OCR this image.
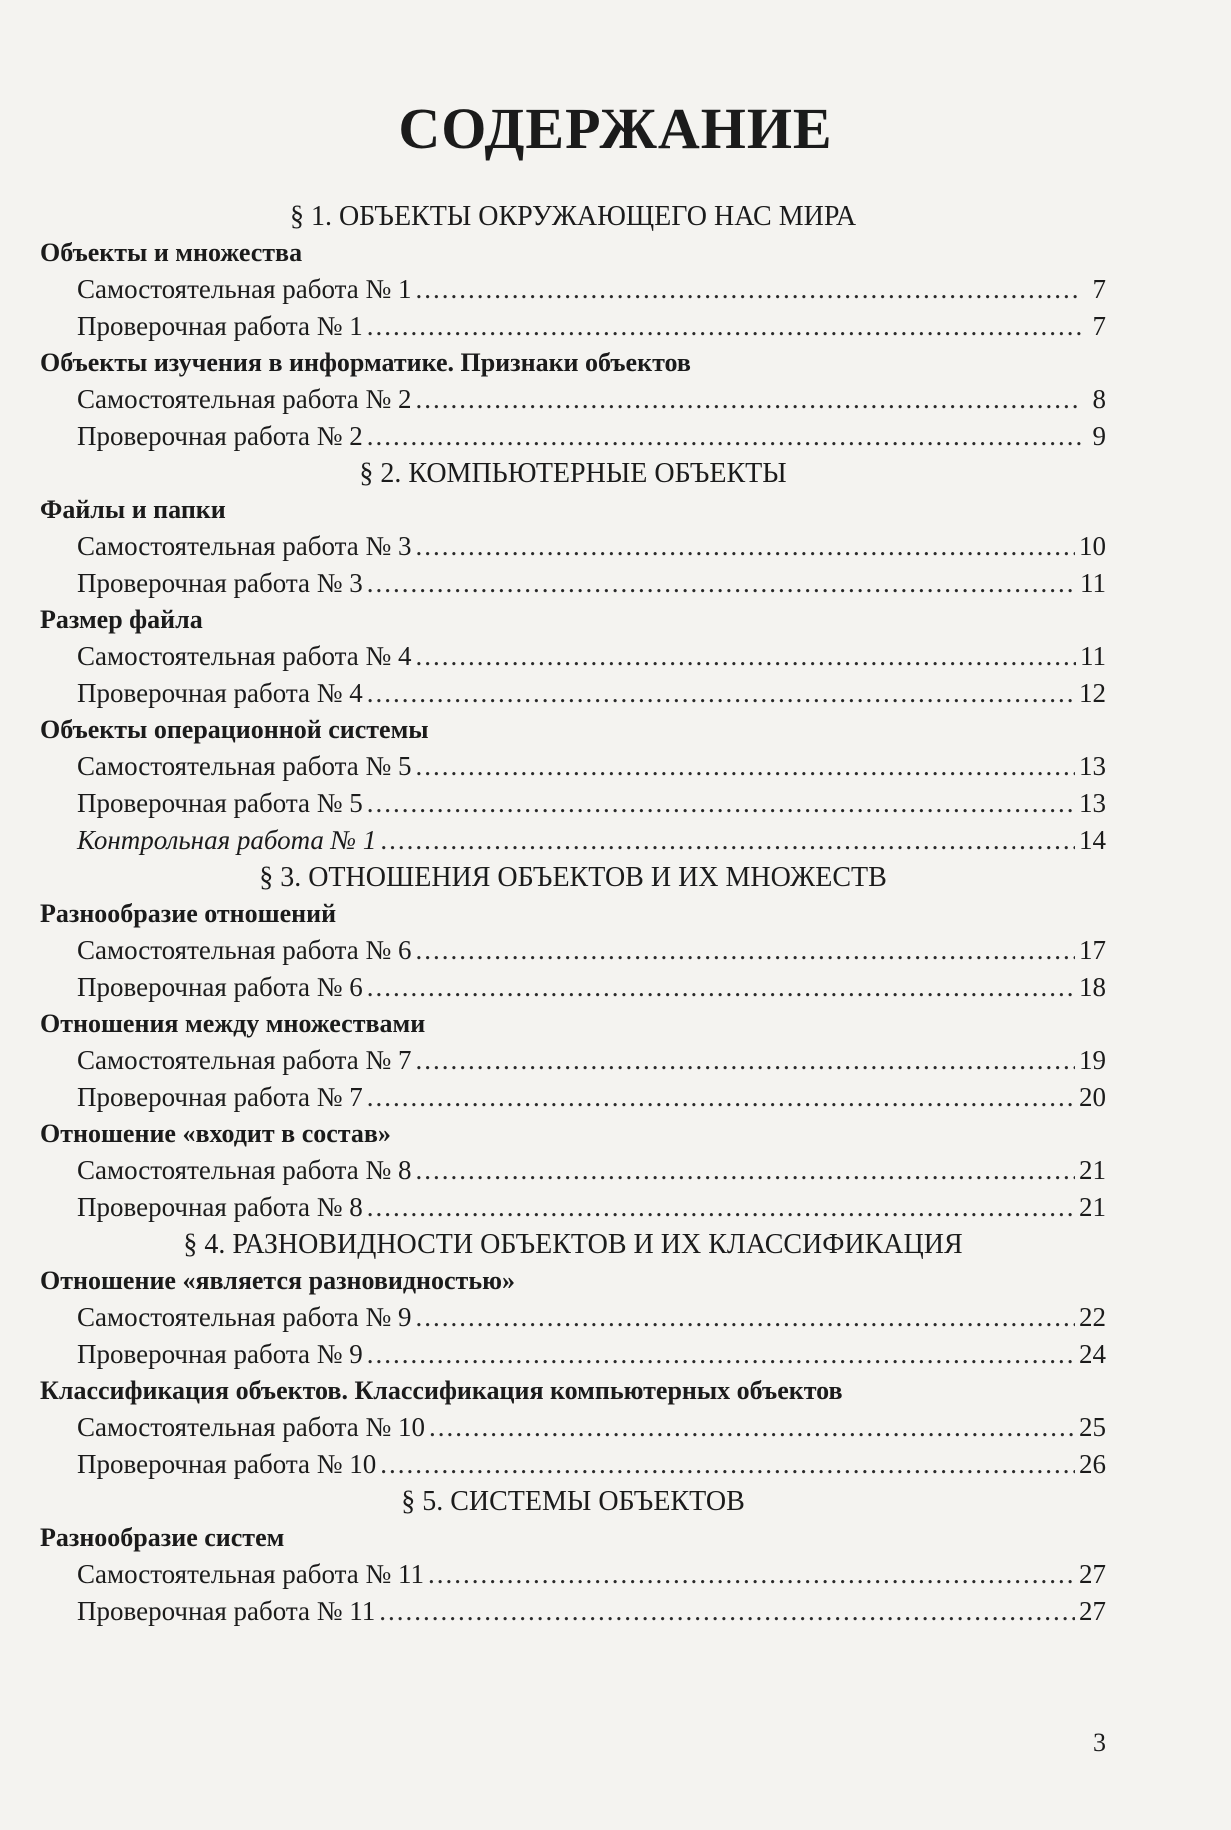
СОДЕРЖАНИЕ
§ 1. ОБЪЕКТЫ ОКРУЖАЮЩЕГО НАС МИРА
Объекты и множества
Самостоятельная работа № 1 .....	7
Проверочная работа № 1 .....	7
Объекты изучения в информатике. Признаки объектов
Самостоятельная работа № 2 .....	8
Проверочная работа № 2 .....	9
§ 2. КОМПЬЮТЕРНЫЕ ОБЪЕКТЫ
Файлы и папки
Самостоятельная работа № 3 .....	10
Проверочная работа № 3 .....	11
Размер файла
Самостоятельная работа № 4 .....	11
Проверочная работа № 4 .....	12
Объекты операционной системы
Самостоятельная работа № 5 .....	13
Проверочная работа № 5 .....	13
Контрольная работа № 1 .....	14
§ 3. ОТНОШЕНИЯ ОБЪЕКТОВ И ИХ МНОЖЕСТВ
Разнообразие отношений
Самостоятельная работа № 6 .....	17
Проверочная работа № 6 .....	18
Отношения между множествами
Самостоятельная работа № 7 .....	19
Проверочная работа № 7 .....	20
Отношение «входит в состав»
Самостоятельная работа № 8 .....	21
Проверочная работа № 8 .....	21
§ 4. РАЗНОВИДНОСТИ ОБЪЕКТОВ И ИХ КЛАССИФИКАЦИЯ
Отношение «является разновидностью»
Самостоятельная работа № 9 .....	22
Проверочная работа № 9 .....	24
Классификация объектов. Классификация компьютерных объектов
Самостоятельная работа № 10 .....	25
Проверочная работа № 10 .....	26
§ 5. СИСТЕМЫ ОБЪЕКТОВ
Разнообразие систем
Самостоятельная работа № 11 .....	27
Проверочная работа № 11 .....	27
3
